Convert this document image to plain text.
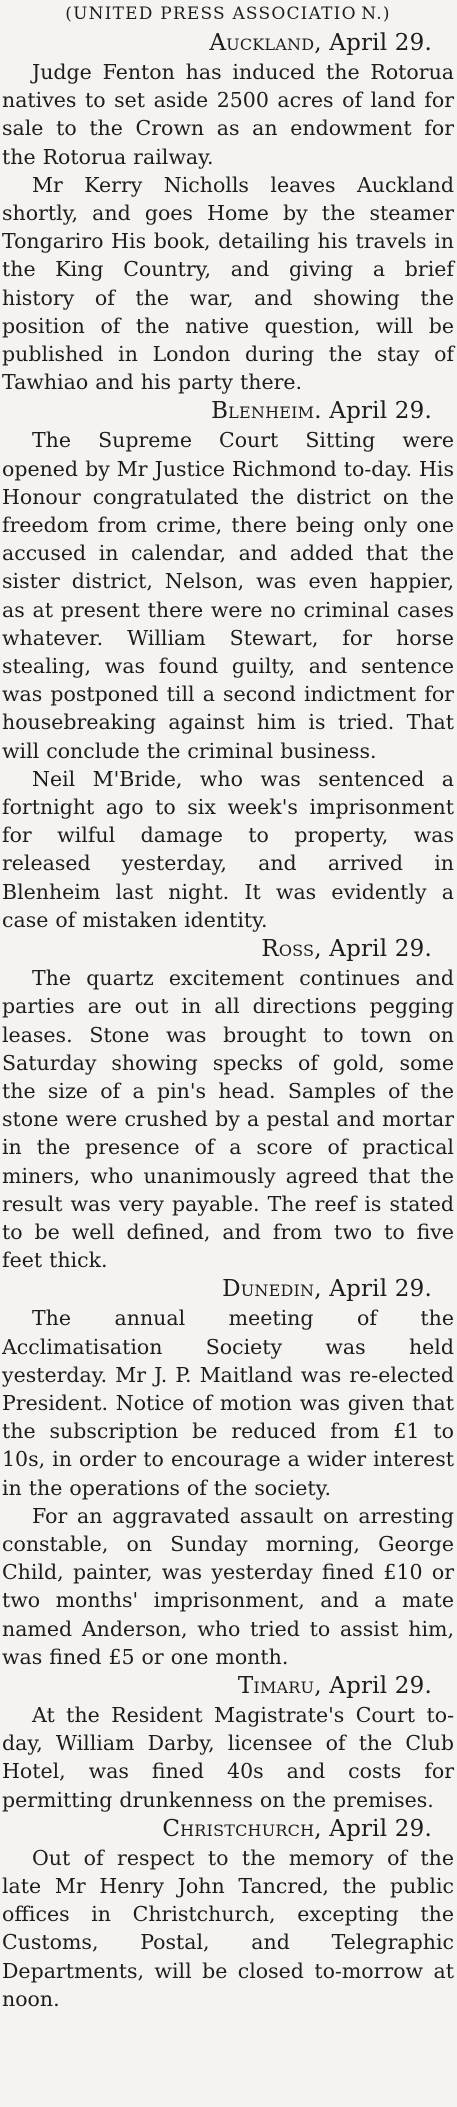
(UNITED PRESS ASSOCIATIO N.)
Auckland, April 29.

Judge Fenton has induced the Rotorua natives to set aside 2500 acres of land for sale to the Crown as an endowment for the Rotorua railway.

Mr Kerry Nicholls leaves Auckland shortly, and goes Home by the steamer Tongariro His book, detailing his travels in the King Country, and giving a brief history of the war, and showing the position of the native question, will be published in London during the stay of Tawhiao and his party there.

Blenheim. April 29.

The Supreme Court Sitting were opened by Mr Justice Richmond to-day. His Honour congratulated the district on the freedom from crime, there being only one accused in calendar, and added that the sister district, Nelson, was even happier, as at present there were no criminal cases whatever. William Stewart, for horse stealing, was found guilty, and sentence was postponed till a second indictment for housebreaking against him is tried. That will conclude the criminal business.

Neil M'Bride, who was sentenced a fortnight ago to six week's imprisonment for wilful damage to property, was released yesterday, and arrived in Blenheim last night. It was evidently a case of mistaken identity.

Ross, April 29.

The quartz excitement continues and parties are out in all directions pegging leases. Stone was brought to town on Saturday showing specks of gold, some the size of a pin's head. Samples of the stone were crushed by a pestal and mortar in the presence of a score of practical miners, who unanimously agreed that the result was very payable. The reef is stated to be well defined, and from two to five feet thick.

Dunedin, April 29.

The annual meeting of the Acclimatisation Society was held yesterday. Mr J. P. Maitland was re-elected President. Notice of motion was given that the subscription be reduced from £1 to 10s, in order to encourage a wider interest in the operations of the society.

For an aggravated assault on arresting constable, on Sunday morning, George Child, painter, was yesterday fined £10 or two months' imprisonment, and a mate named Anderson, who tried to assist him, was fined £5 or one month.

Timaru, April 29.

At the Resident Magistrate's Court to-day, William Darby, licensee of the Club Hotel, was fined 40s and costs for permitting drunkenness on the premises.

Christchurch, April 29.

Out of respect to the memory of the late Mr Henry John Tancred, the public offices in Christchurch, excepting the Customs, Postal, and Telegraphic Departments, will be closed to-morrow at noon.
